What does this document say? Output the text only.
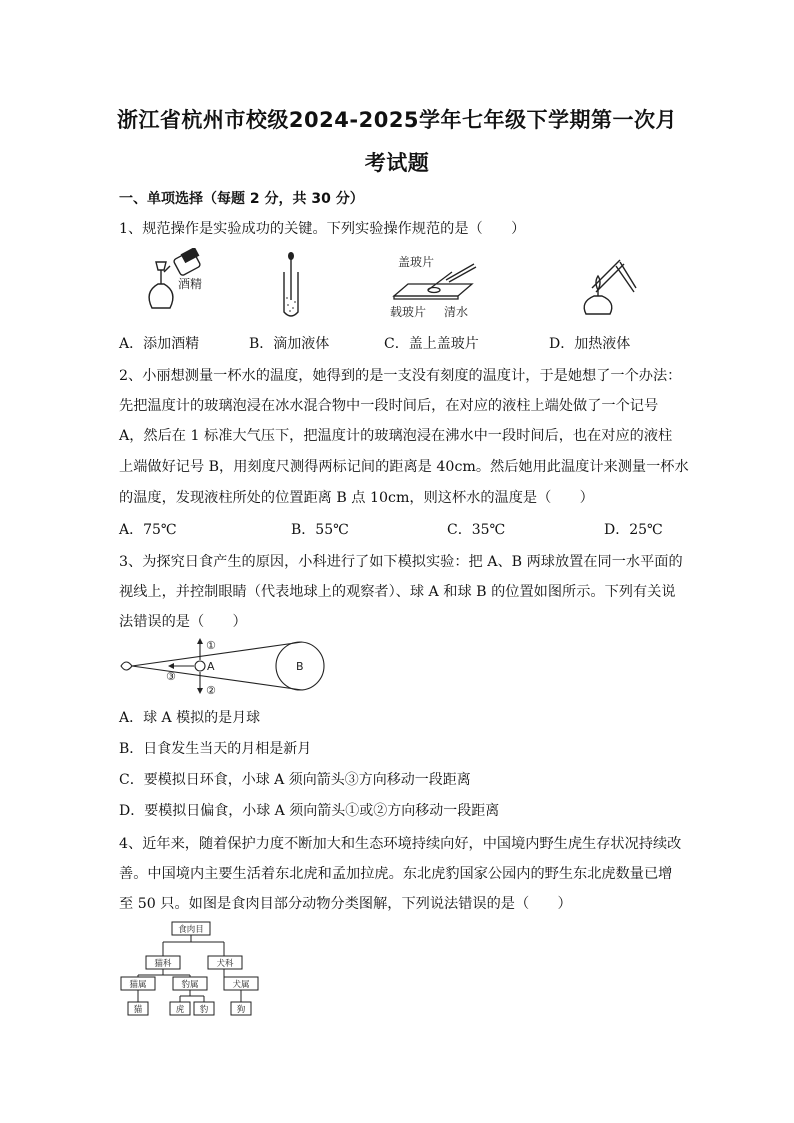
浙江省杭州市校级2024-2025学年七年级下学期第一次月
考试题
一、单项选择（每题 2 分，共 30 分）
1、规范操作是实验成功的关键。下列实验操作规范的是（　　）
酒精
盖玻片
载玻片 清水
A．添加酒精	B．滴加液体	C．盖上盖玻片	D．加热液体
2、小丽想测量一杯水的温度，她得到的是一支没有刻度的温度计，于是她想了一个办法：
先把温度计的玻璃泡浸在冰水混合物中一段时间后，在对应的液柱上端处做了一个记号
A，然后在 1 标准大气压下，把温度计的玻璃泡浸在沸水中一段时间后，也在对应的液柱
上端做好记号 B，用刻度尺测得两标记间的距离是 40cm。然后她用此温度计来测量一杯水
的温度，发现液柱所处的位置距离 B 点 10cm，则这杯水的温度是（　　）
A．75℃	B．55℃	C．35℃	D．25℃
3、为探究日食产生的原因，小科进行了如下模拟实验：把 A、B 两球放置在同一水平面的
视线上，并控制眼睛（代表地球上的观察者）、球 A 和球 B 的位置如图所示。下列有关说
法错误的是（　　）
①
②
③
A	B
A．球 A 模拟的是月球
B．日食发生当天的月相是新月
C．要模拟日环食，小球 A 须向箭头③方向移动一段距离
D．要模拟日偏食，小球 A 须向箭头①或②方向移动一段距离
4、近年来，随着保护力度不断加大和生态环境持续向好，中国境内野生虎生存状况持续改
善。中国境内主要生活着东北虎和孟加拉虎。东北虎豹国家公园内的野生东北虎数量已增
至 50 只。如图是食肉目部分动物分类图解，下列说法错误的是（　　）
食肉目
猫科	犬科
猫属	豹属	犬属
猫	虎 豹	狗
